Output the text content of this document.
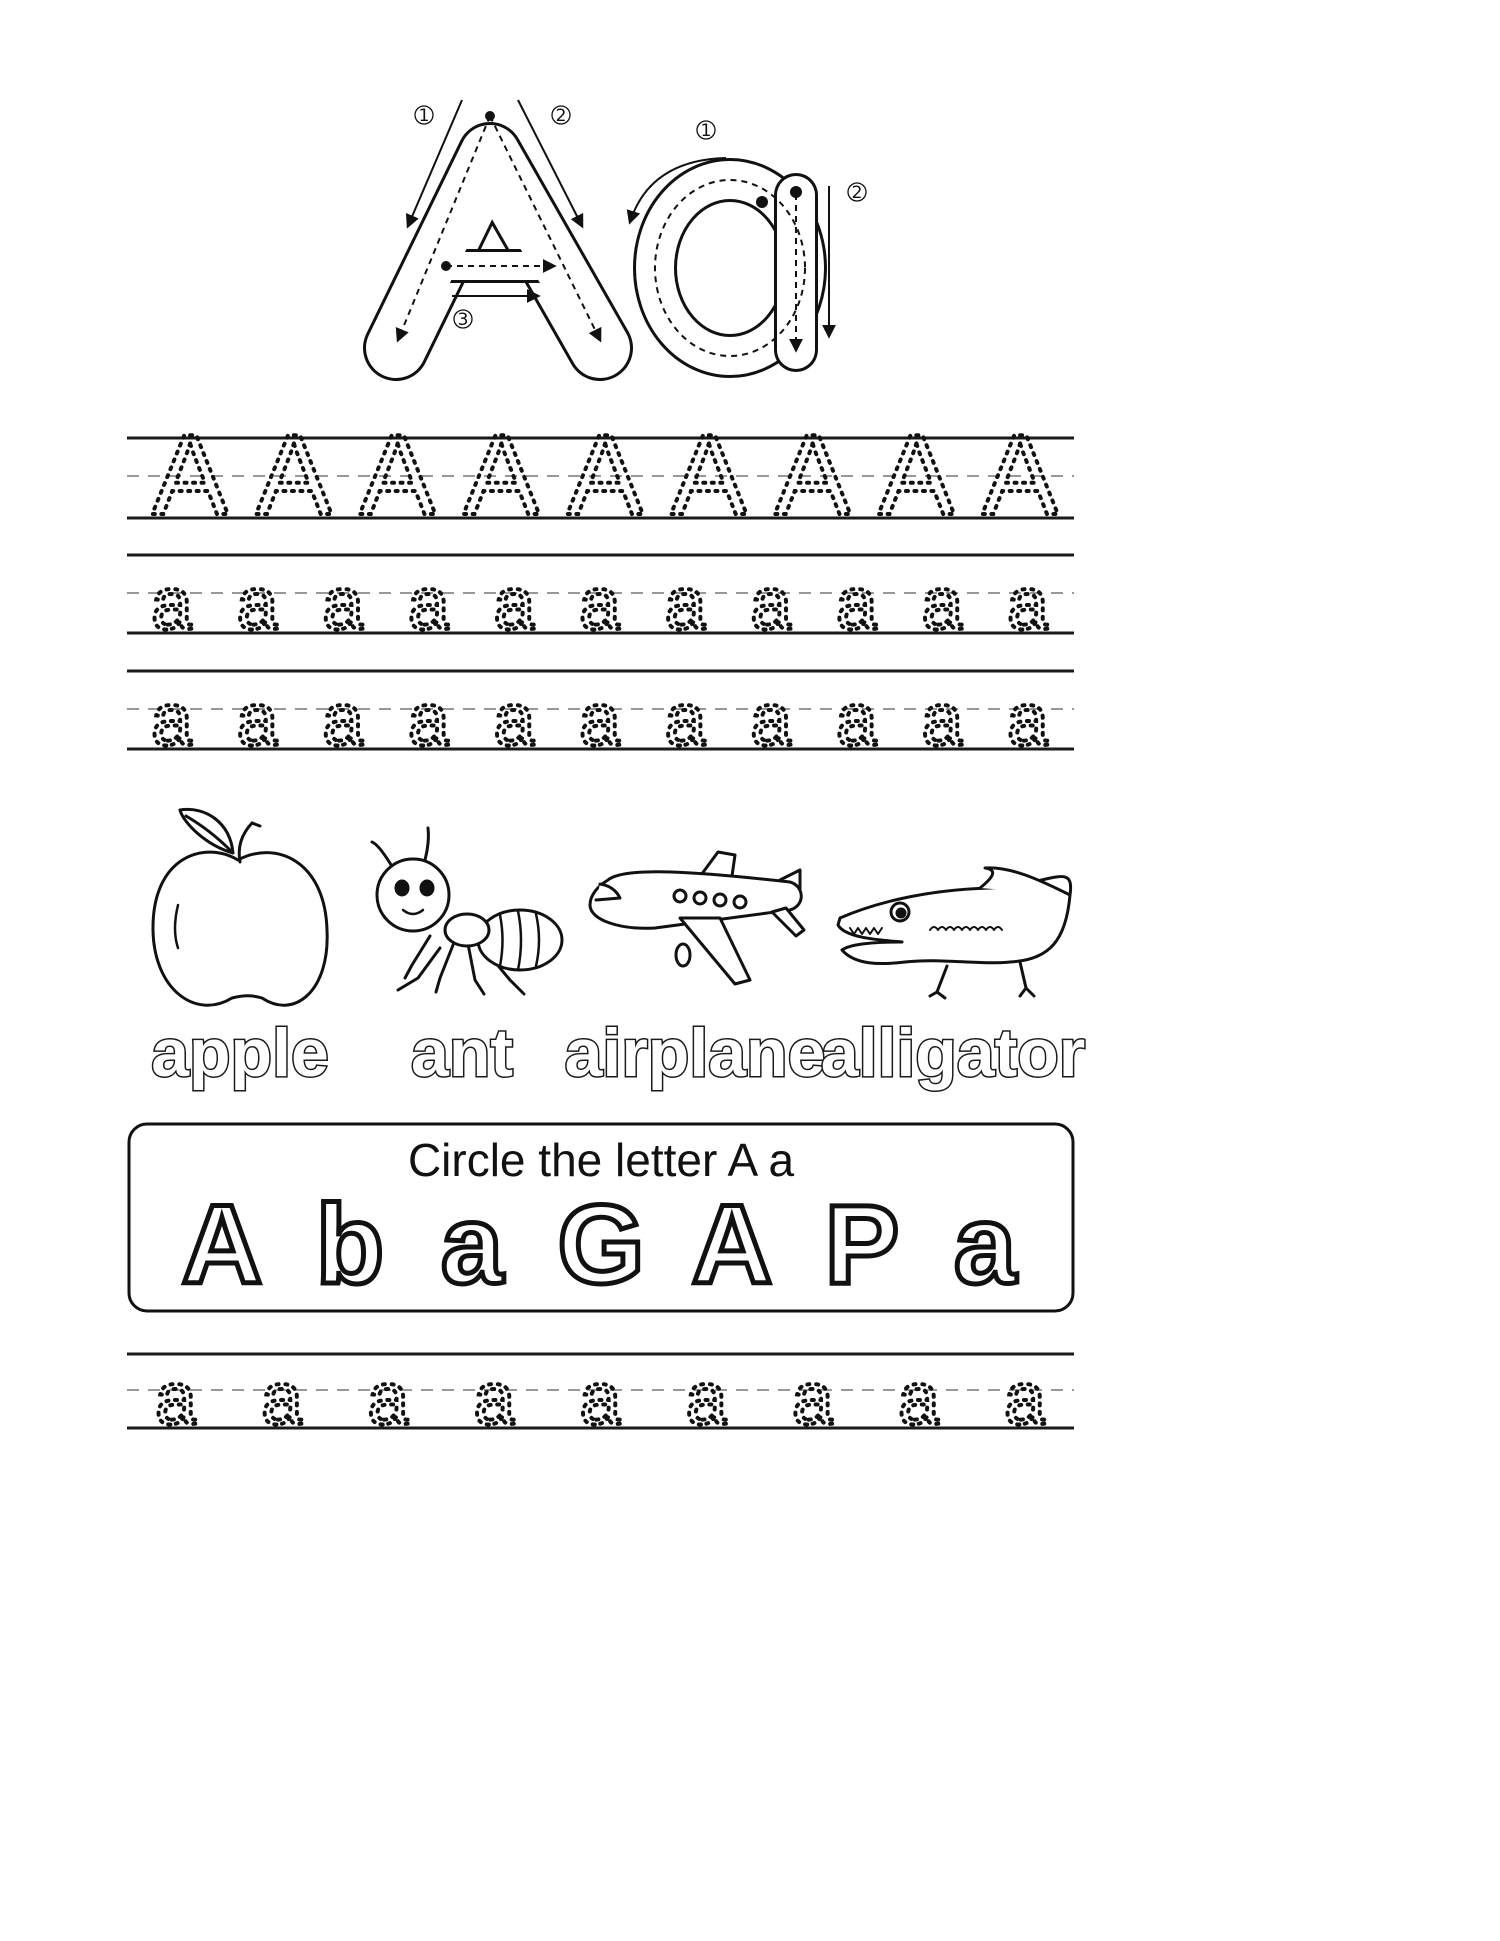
1	2
3
1
2
A A A A A A A A A
a a a a a a a a a a a
a a a a a a a a a a a
a a a a a a a a a
apple ant airplane
alligator
Circle the letter A a
A b a G A P a
